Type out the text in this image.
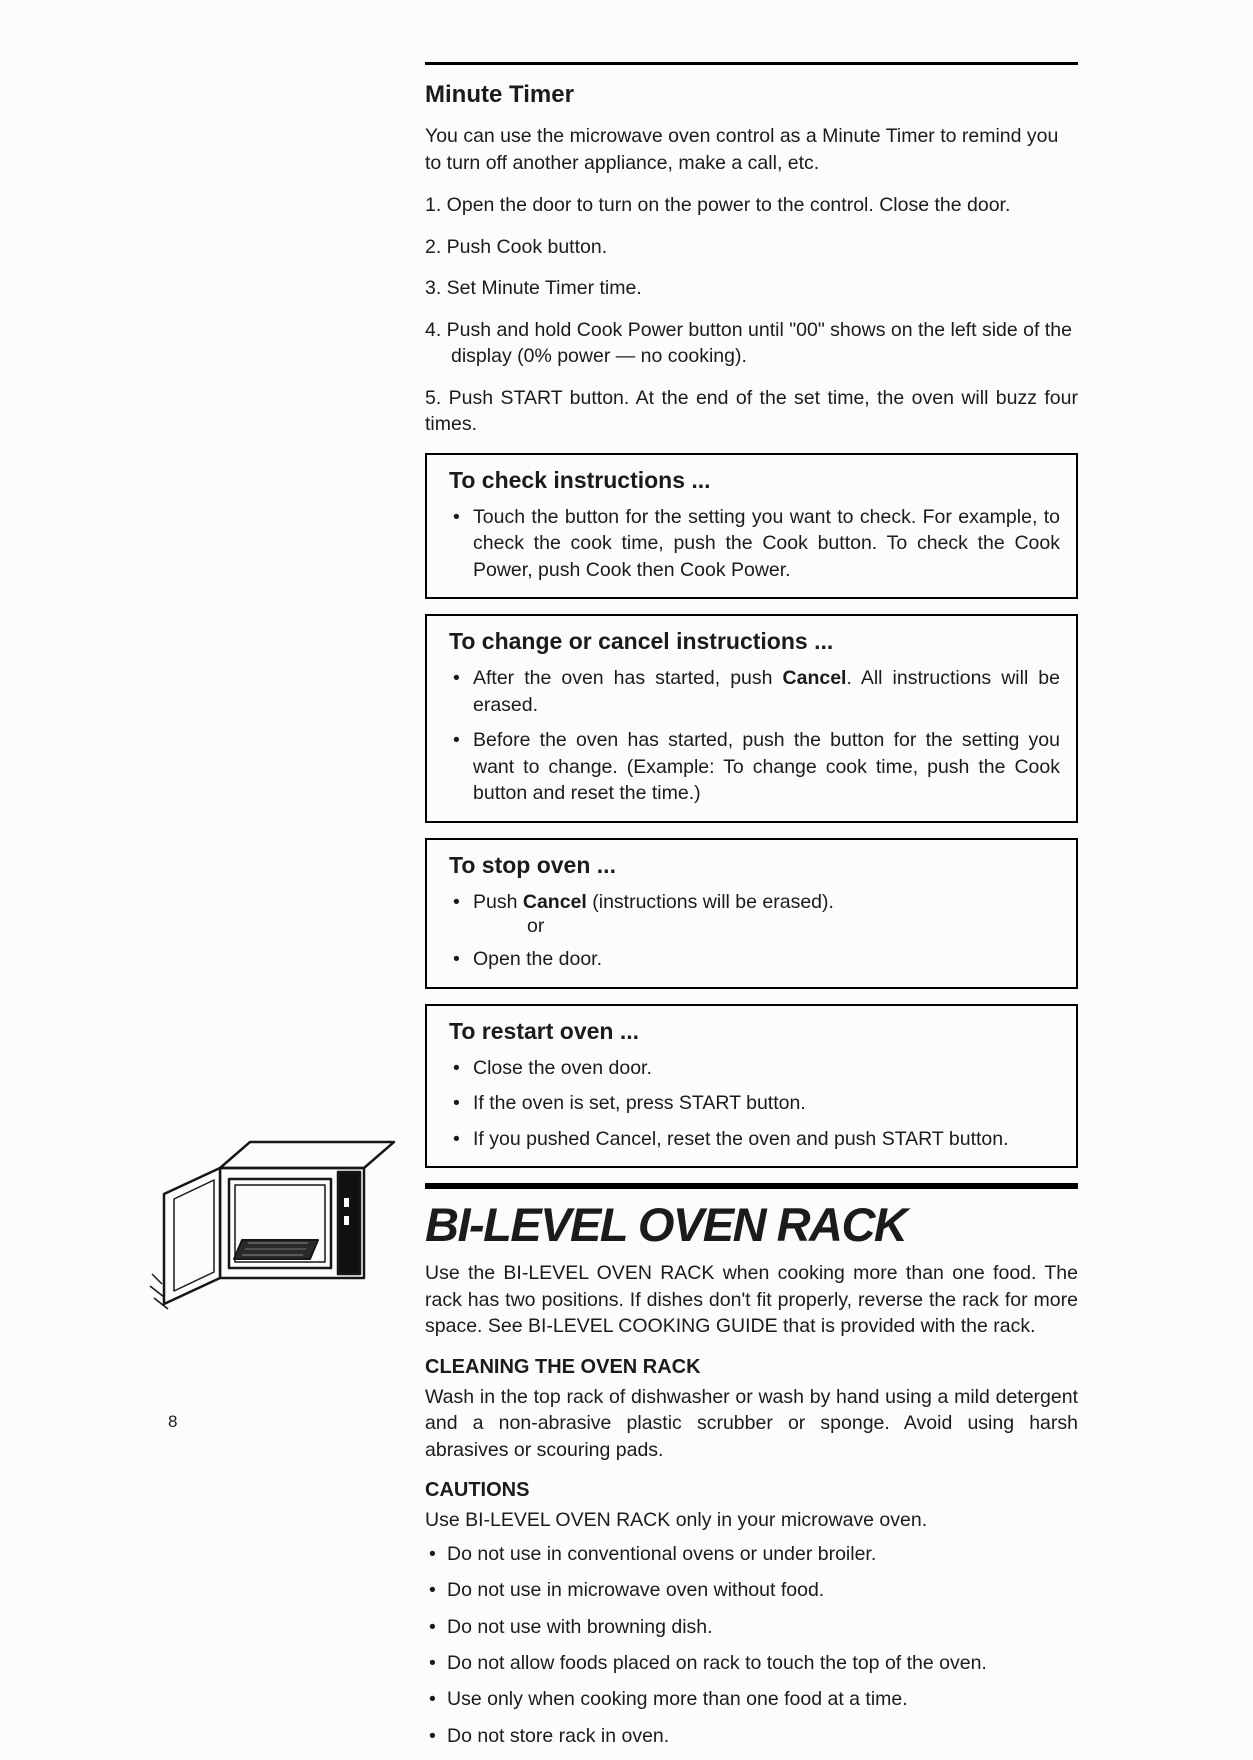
Minute Timer

You can use the microwave oven control as a Minute Timer to remind you to turn off another appliance, make a call, etc.

1. Open the door to turn on the power to the control. Close the door.

2. Push Cook button.

3. Set Minute Timer time.

4. Push and hold Cook Power button until "00" shows on the left side of the display (0% power — no cooking).

5. Push START button. At the end of the set time, the oven will buzz four times.

To check instructions ...
• Touch the button for the setting you want to check. For example, to check the cook time, push the Cook button. To check the Cook Power, push Cook then Cook Power.
To change or cancel instructions ...
• After the oven has started, push Cancel. All instructions will be erased.
• Before the oven has started, push the button for the setting you want to change. (Example: To change cook time, push the Cook button and reset the time.)
To stop oven ...
• Push Cancel (instructions will be erased).
or
• Open the door.
To restart oven ...
• Close the oven door.
• If the oven is set, press START button.
• If you pushed Cancel, reset the oven and push START button.
BI-LEVEL OVEN RACK

Use the BI-LEVEL OVEN RACK when cooking more than one food. The rack has two positions. If dishes don't fit properly, reverse the rack for more space. See BI-LEVEL COOKING GUIDE that is provided with the rack.

CLEANING THE OVEN RACK

Wash in the top rack of dishwasher or wash by hand using a mild detergent and a non-abrasive plastic scrubber or sponge. Avoid using harsh abrasives or scouring pads.

CAUTIONS

Use BI-LEVEL OVEN RACK only in your microwave oven.

• Do not use in conventional ovens or under broiler.
• Do not use in microwave oven without food.
• Do not use with browning dish.
• Do not allow foods placed on rack to touch the top of the oven.
• Use only when cooking more than one food at a time.
• Do not store rack in oven.
8
